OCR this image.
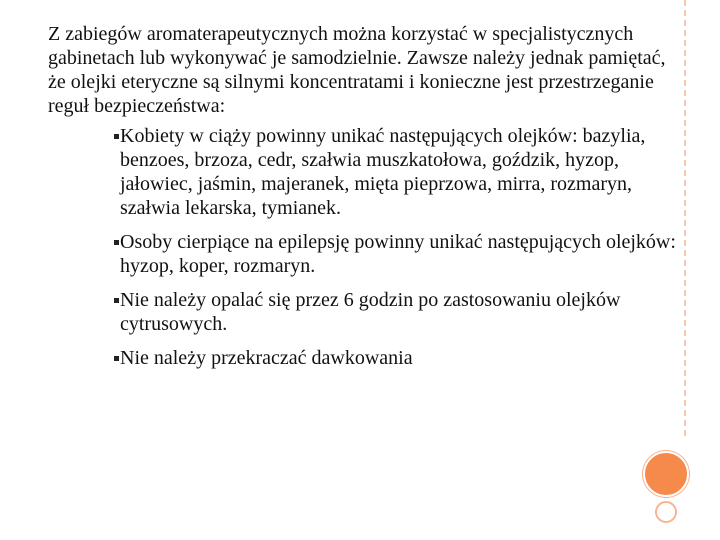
Z zabiegów aromaterapeutycznych można korzystać w specjalistycznych gabinetach lub wykonywać je samodzielnie. Zawsze należy jednak pamiętać, że olejki eteryczne są silnymi koncentratami i konieczne jest przestrzeganie reguł bezpieczeństwa:

Kobiety w ciąży powinny unikać następujących olejków: bazylia, benzoes, brzoza, cedr, szałwia muszkatołowa, goździk, hyzop, jałowiec, jaśmin, majeranek, mięta pieprzowa, mirra, rozmaryn, szałwia lekarska, tymianek.
Osoby cierpiące na epilepsję powinny unikać następujących olejków: hyzop, koper, rozmaryn.
Nie należy opalać się przez 6 godzin po zastosowaniu olejków cytrusowych.
Nie należy przekraczać dawkowania
